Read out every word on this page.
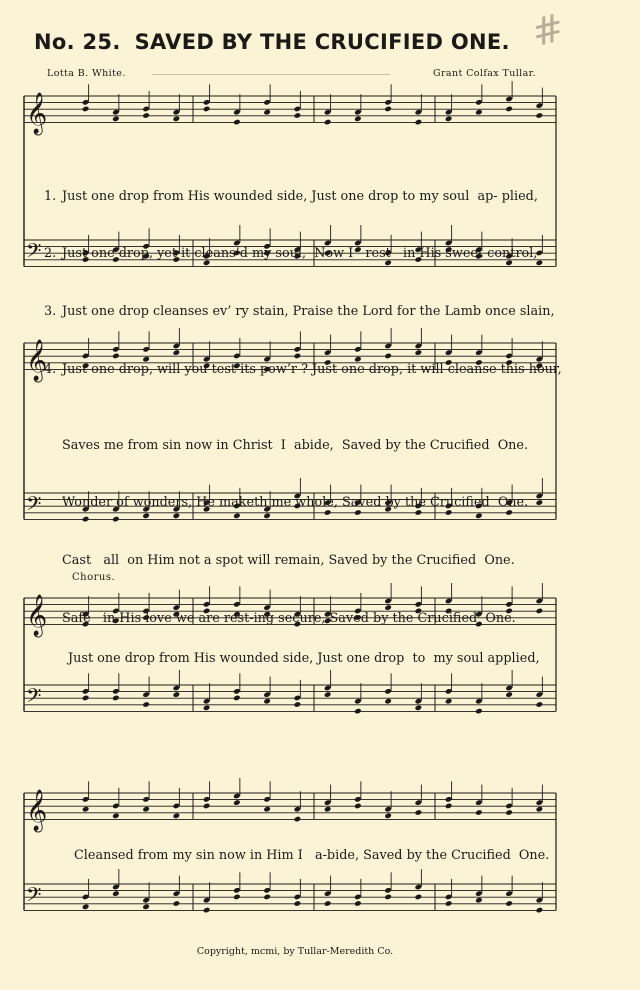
No. 25. SAVED BY THE CRUCIFIED ONE. #
Lotta B. White.	Grant Colfax Tullar.
𝄞
𝄢
𝄞
𝄢
𝄞
𝄢
𝄞
𝄢

1. Just one drop from His wounded side, Just one drop to my soul  ap- plied,

2. Just one drop, yet it cleans’d my soul,  Now I   rest   in His sweet control,

3. Just one drop cleanses ev’ ry stain, Praise the Lord for the Lamb once slain,

4. Just one drop, will you test its pow’r ? Just one drop, it will cleanse this hour,

Saves me from sin now in Christ  I  abide,  Saved by the Crucified  One.

Wonder of wonders, He maketh me whole, Saved by the Crucified  One.

Cast   all  on Him not a spot will remain, Saved by the Crucified  One.

Safe   in His love we are rest-ing secure, Saved by the Crucified  One.

Chorus.
Just one drop from His wounded side, Just one drop  to  my soul applied,
Cleansed from my sin now in Him I   a-bide, Saved by the Crucified  One.
Copyright, mcmi, by Tullar-Meredith Co.
